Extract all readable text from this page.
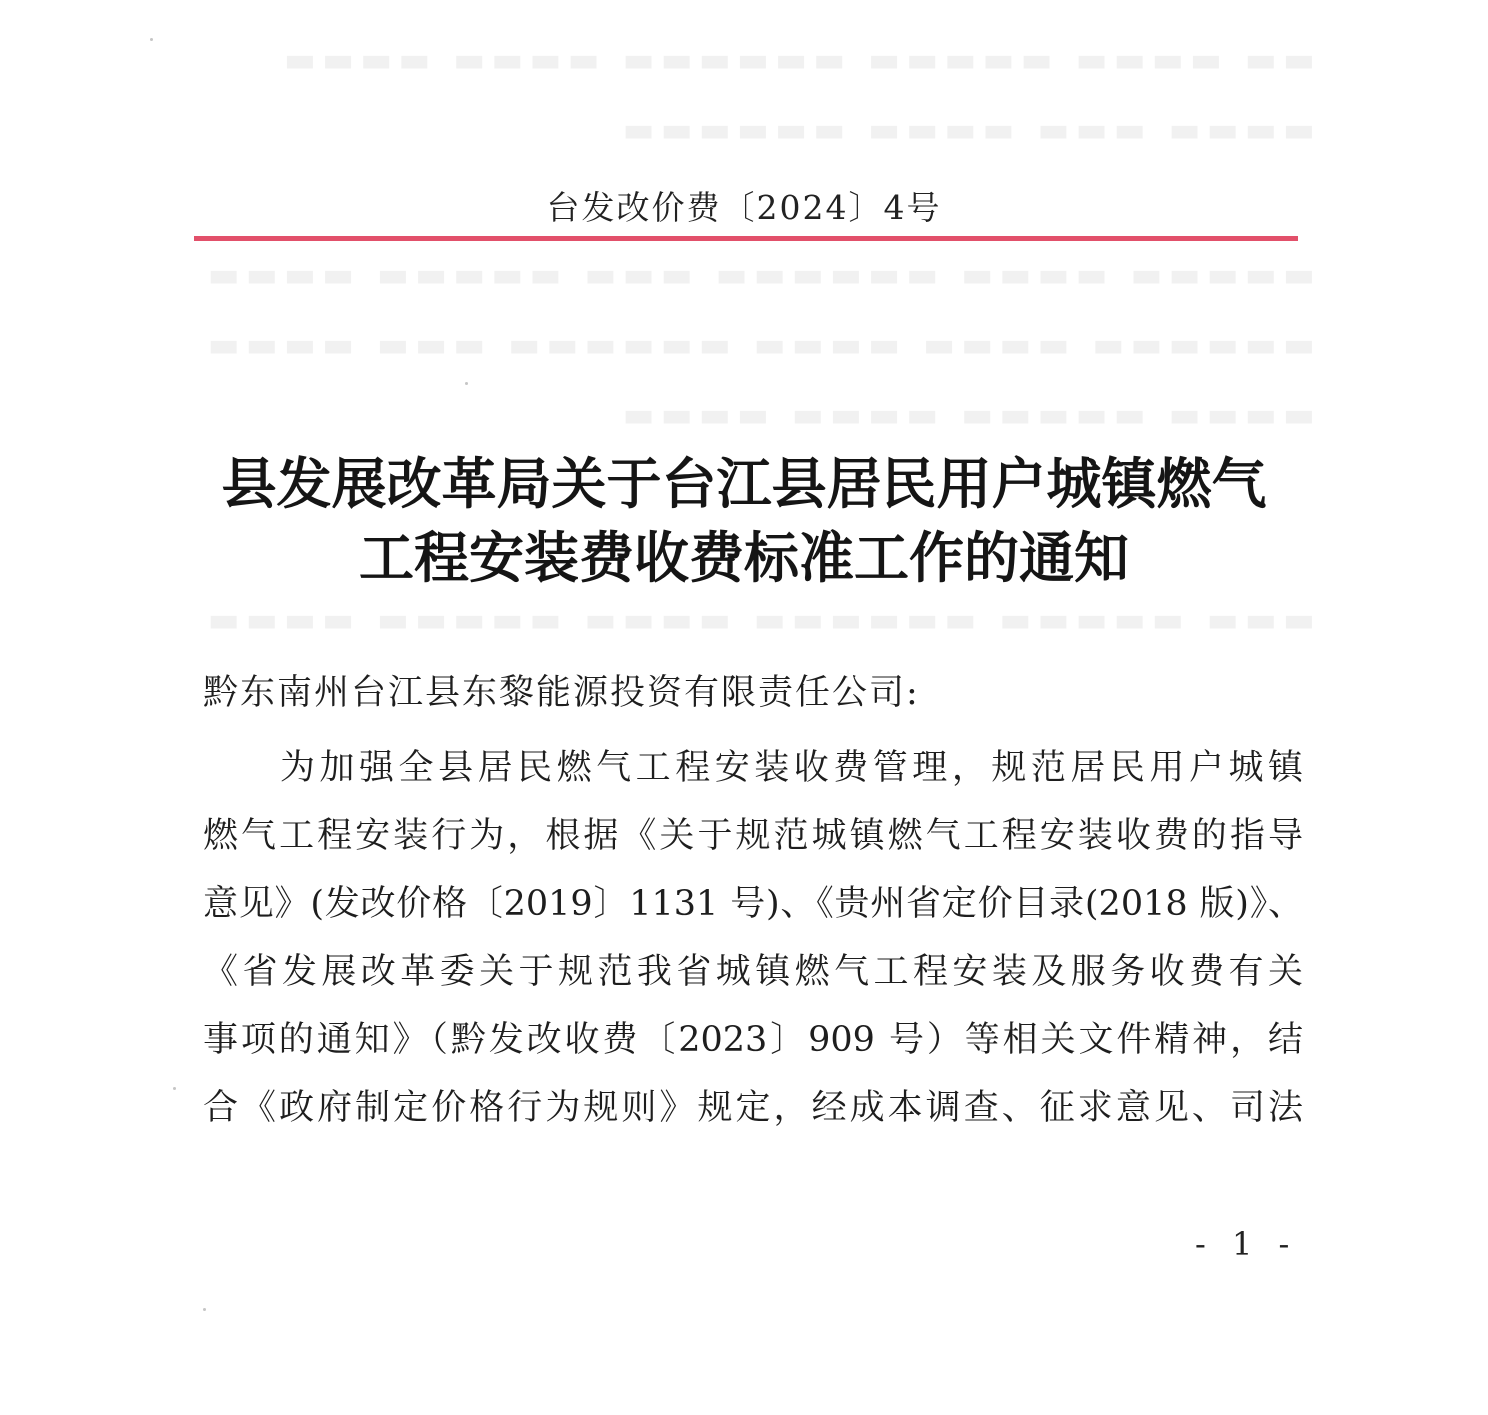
▬▬ ▬▬▬▬ ▬▬▬▬▬ ▬▬▬▬▬▬ ▬▬▬▬ ▬▬▬▬
▬▬▬▬ ▬▬▬ ▬▬▬▬ ▬▬▬▬▬▬
▬▬▬▬▬ ▬▬▬▬ ▬▬▬▬▬▬ ▬▬▬ ▬▬▬▬▬ ▬▬▬▬
▬▬▬▬▬▬ ▬▬▬▬ ▬▬▬▬ ▬▬▬▬▬▬ ▬▬▬ ▬▬▬▬
▬▬▬▬ ▬▬▬▬▬ ▬▬▬▬ ▬▬▬▬
▬▬▬ ▬▬▬▬▬ ▬▬▬▬▬▬ ▬▬▬▬ ▬▬▬▬▬ ▬▬▬▬
台发改价费〔2024〕4号
县发展改革局关于台江县居民用户城镇燃气
工程安装费收费标准工作的通知
黔东南州台江县东黎能源投资有限责任公司:
为加强全县居民燃气工程安装收费管理，规范居民用户城镇
燃气工程安装行为，根据《关于规范城镇燃气工程安装收费的指导
意见》(发改价格〔2019〕1131 号)、《贵州省定价目录(2018 版)》、
《省发展改革委关于规范我省城镇燃气工程安装及服务收费有关
事项的通知》（黔发改收费〔2023〕909 号）等相关文件精神，结
合《政府制定价格行为规则》规定，经成本调查、征求意见、司法
- 1 -
